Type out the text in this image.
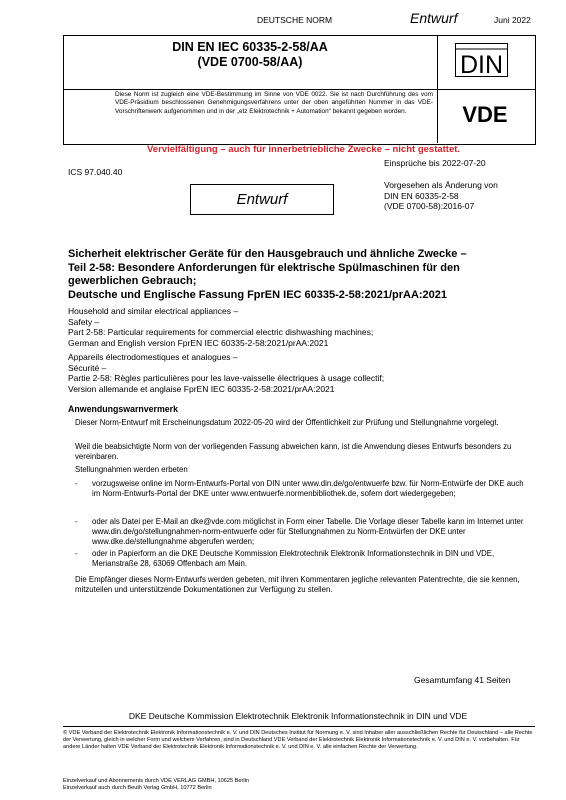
DEUTSCHE NORM	Entwurf	Juni 2022
DIN EN IEC 60335-2-58/AA
(VDE 0700-58/AA)	DIN
VDE
Diese Norm ist zugleich eine VDE-Bestimmung im Sinne von VDE 0022. Sie ist nach Durchführung des vom VDE-Präsidium beschlossenen Genehmigungsverfahrens unter der oben angeführten Nummer in das VDE-Vorschriftenwerk aufgenommen und in der „etz Elektrotechnik + Automation“ bekannt gegeben worden.
Vervielfältigung – auch für innerbetriebliche Zwecke – nicht gestattet.
Einsprüche bis 2022-07-20
ICS 97.040.40
Vorgesehen als Änderung von
DIN EN 60335-2-58
(VDE 0700-58):2016-07
Entwurf
Sicherheit elektrischer Geräte für den Hausgebrauch und ähnliche Zwecke –
Teil 2-58: Besondere Anforderungen für elektrische Spülmaschinen für den
gewerblichen Gebrauch;
Deutsche und Englische Fassung FprEN IEC 60335-2-58:2021/prAA:2021
Household and similar electrical appliances –
Safety –
Part 2-58: Particular requirements for commercial electric dishwashing machines;
German and English version FprEN IEC 60335-2-58:2021/prAA:2021
Appareils électrodomestiques et analogues –
Sécurité –
Partie 2-58: Règles particulières pour les lave-vaisselle électriques à usage collectif;
Version allemande et anglaise FprEN IEC 60335-2-58:2021/prAA:2021
Anwendungswarnvermerk
Dieser Norm-Entwurf mit Erscheinungsdatum 2022-05-20 wird der Öffentlichkeit zur Prüfung und Stellungnahme vorgelegt.
Weil die beabsichtigte Norm von der vorliegenden Fassung abweichen kann, ist die Anwendung dieses Entwurfs besonders zu vereinbaren.
Stellungnahmen werden erbeten
- vorzugsweise online im Norm-Entwurfs-Portal von DIN unter www.din.de/go/entwuerfe bzw. für Norm-Entwürfe der DKE auch im Norm-Entwurfs-Portal der DKE unter www.entwuerfe.normenbibliothek.de, sofern dort wiedergegeben;
- oder als Datei per E-Mail an dke@vde.com möglichst in Form einer Tabelle. Die Vorlage dieser Tabelle kann im Internet unter www.din.de/go/stellungnahmen-norm-entwuerfe oder für Stellungnahmen zu Norm-Entwürfen der DKE unter www.dke.de/stellungnahme abgerufen werden;
- oder in Papierform an die DKE Deutsche Kommission Elektrotechnik Elektronik Informationstechnik in DIN und VDE, Merianstraße 28, 63069 Offenbach am Main.
Die Empfänger dieses Norm-Entwurfs werden gebeten, mit ihren Kommentaren jegliche relevanten Patentrechte, die sie kennen, mitzuteilen und unterstützende Dokumentationen zur Verfügung zu stellen.
Gesamtumfang 41 Seiten
DKE Deutsche Kommission Elektrotechnik Elektronik Informationstechnik in DIN und VDE
© VDE Verband der Elektrotechnik Elektronik Informationstechnik e. V. und DIN Deutsches Institut für Normung e. V. sind Inhaber aller ausschließlichen Rechte für Deutschland – alle Rechte der Verwertung, gleich in welcher Form und welchem Verfahren, sind in Deutschland VDE Verband der Elektrotechnik Elektronik Informationstechnik e. V. und DIN e. V. vorbehalten. Für andere Länder halten VDE Verband der Elektrotechnik Elektronik Informationstechnik e. V. und DIN e. V. alle einfachen Rechte der Verwertung.
Einzelverkauf und Abonnements durch VDE VERLAG GMBH, 10625 Berlin
Einzelverkauf auch durch Beuth Verlag GmbH, 10772 Berlin
